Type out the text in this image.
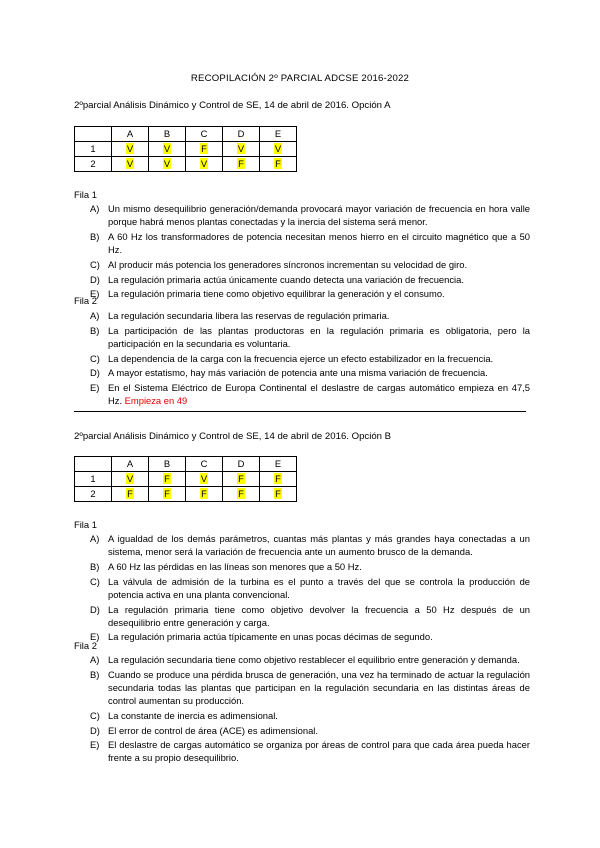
RECOPILACIÓN 2º PARCIAL ADCSE 2016-2022
2ºparcial Análisis Dinámico y Control de SE, 14 de abril de 2016. Opción A
	A	B	C	D	E
1	V	V	F	V	V
2	V	V	V	F	F
Fila 1
A) Un mismo desequilibrio generación/demanda provocará mayor variación de frecuencia en hora valle porque habrá menos plantas conectadas y la inercia del sistema será menor.
B) A 60 Hz los transformadores de potencia necesitan menos hierro en el circuito magnético que a 50 Hz.
C) Al producir más potencia los generadores síncronos incrementan su velocidad de giro.
D) La regulación primaria actúa únicamente cuando detecta una variación de frecuencia.
E) La regulación primaria tiene como objetivo equilibrar la generación y el consumo.
Fila 2
A) La regulación secundaria libera las reservas de regulación primaria.
B) La participación de las plantas productoras en la regulación primaria es obligatoria, pero la participación en la secundaria es voluntaria.
C) La dependencia de la carga con la frecuencia ejerce un efecto estabilizador en la frecuencia.
D) A mayor estatismo, hay más variación de potencia ante una misma variación de frecuencia.
E) En el Sistema Eléctrico de Europa Continental el deslastre de cargas automático empieza en 47,5 Hz. Empieza en 49
2ºparcial Análisis Dinámico y Control de SE, 14 de abril de 2016. Opción B
	A	B	C	D	E
1	V	F	V	F	F
2	F	F	F	F	F
Fila 1
A) A igualdad de los demás parámetros, cuantas más plantas y más grandes haya conectadas a un sistema, menor será la variación de frecuencia ante un aumento brusco de la demanda.
B) A 60 Hz las pérdidas en las líneas son menores que a 50 Hz.
C) La válvula de admisión de la turbina es el punto a través del que se controla la producción de potencia activa en una planta convencional.
D) La regulación primaria tiene como objetivo devolver la frecuencia a 50 Hz después de un desequilibrio entre generación y carga.
E) La regulación primaria actúa típicamente en unas pocas décimas de segundo.
Fila 2
A) La regulación secundaria tiene como objetivo restablecer el equilibrio entre generación y demanda.
B) Cuando se produce una pérdida brusca de generación, una vez ha terminado de actuar la regulación secundaria todas las plantas que participan en la regulación secundaria en las distintas áreas de control aumentan su producción.
C) La constante de inercia es adimensional.
D) El error de control de área (ACE) es adimensional.
E) El deslastre de cargas automático se organiza por áreas de control para que cada área pueda hacer frente a su propio desequilibrio.
